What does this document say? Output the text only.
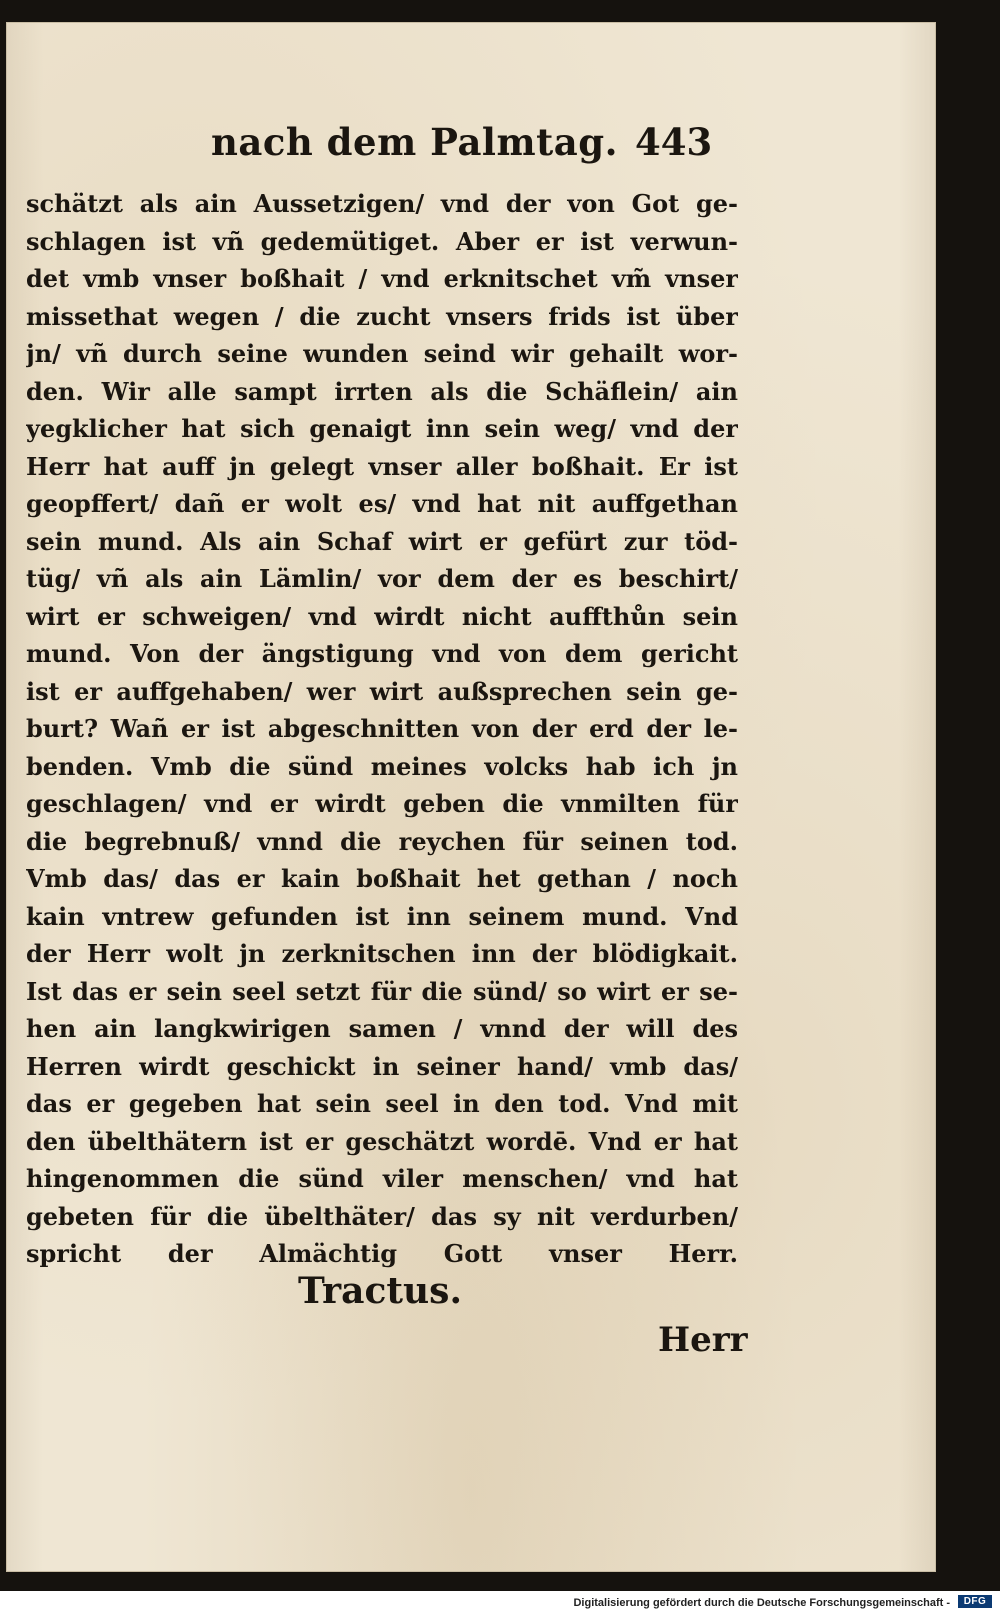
nach dem Palmtag. 443
schätzt als ain Aussetzigen/ vnd der von Got ge-
schlagen ist vñ gedemütiget. Aber er ist verwun-
det vmb vnser boßhait / vnd erknitschet vm̃ vnser
missethat wegen / die zucht vnsers frids ist über
jn/ vñ durch seine wunden seind wir gehailt wor-
den. Wir alle sampt irrten als die Schäflein/ ain
yegklicher hat sich genaigt inn sein weg/ vnd der
Herr hat auff jn gelegt vnser aller boßhait. Er ist
geopffert/ dañ er wolt es/ vnd hat nit auffgethan
sein mund. Als ain Schaf wirt er gefürt zur töd-
tüg/ vñ als ain Lämlin/ vor dem der es beschirt/
wirt er schweigen/ vnd wirdt nicht auffthůn sein
mund. Von der ängstigung vnd von dem gericht
ist er auffgehaben/ wer wirt außsprechen sein ge-
burt? Wañ er ist abgeschnitten von der erd der le-
benden. Vmb die sünd meines volcks hab ich jn
geschlagen/ vnd er wirdt geben die vnmilten für
die begrebnuß/ vnnd die reychen für seinen tod.
Vmb das/ das er kain boßhait het gethan / noch
kain vntrew gefunden ist inn seinem mund. Vnd
der Herr wolt jn zerknitschen inn der blödigkait.
Ist das er sein seel setzt für die sünd/ so wirt er se-
hen ain langkwirigen samen / vnnd der will des
Herren wirdt geschickt in seiner hand/ vmb das/
das er gegeben hat sein seel in den tod. Vnd mit
den übelthätern ist er geschätzt wordē. Vnd er hat
hingenommen die sünd viler menschen/ vnd hat
gebeten für die übelthäter/ das sy nit verdurben/
spricht der Almächtig Gott vnser Herr.
Tractus.
Herr
Digitalisierung gefördert durch die Deutsche Forschungsgemeinschaft -	DFG
